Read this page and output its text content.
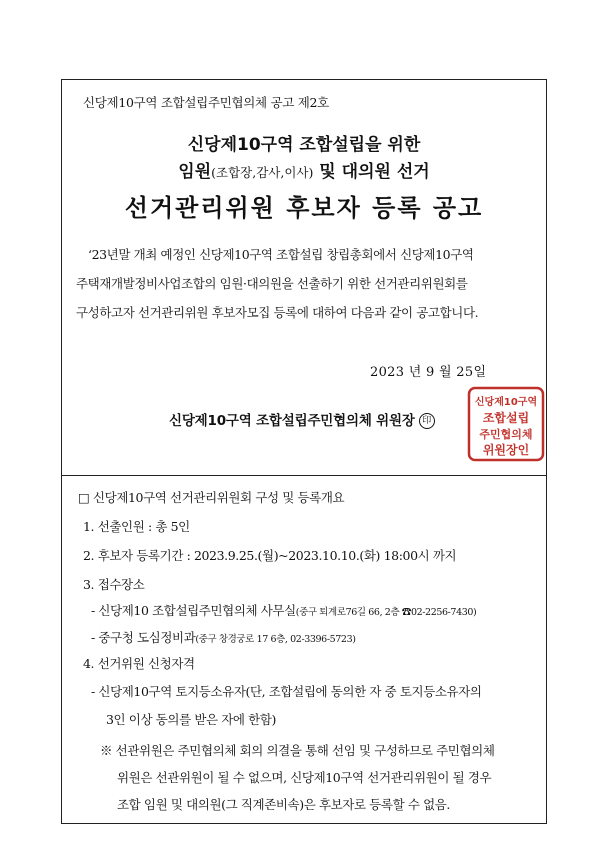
신당제10구역 조합설립주민협의체 공고 제2호
신당제10구역 조합설립을 위한
임원(조합장,감사,이사) 및 대의원 선거
선거관리위원 후보자 등록 공고
‘23년말 개최 예정인 신당제10구역 조합설립 창립총회에서 신당제10구역
주택재개발정비사업조합의 임원·대의원을 선출하기 위한 선거관리위원회를
구성하고자 선거관리위원 후보자모집 등록에 대하여 다음과 같이 공고합니다.
2023 년 9 월 25일
신당제10구역 조합설립주민협의체 위원장 印
신당제10구역
조합설립
주민협의체
위원장인
□ 신당제10구역 선거관리위원회 구성 및 등록개요
1. 선출인원 : 총 5인
2. 후보자 등록기간 : 2023.9.25.(월)~2023.10.10.(화) 18:00시 까지
3. 접수장소
- 신당제10 조합설립주민협의체 사무실(중구 퇴계로76길 66, 2층 ☎02-2256-7430)
- 중구청 도심정비과(중구 창경궁로 17 6층, 02-3396-5723)
4. 선거위원 신청자격
- 신당제10구역 토지등소유자(단, 조합설립에 동의한 자 중 토지등소유자의
3인 이상 동의를 받은 자에 한함)
※ 선관위원은 주민협의체 회의 의결을 통해 선임 및 구성하므로 주민협의체
위원은 선관위원이 될 수 없으며, 신당제10구역 선거관리위원이 될 경우
조합 임원 및 대의원(그 직계존비속)은 후보자로 등록할 수 없음.
